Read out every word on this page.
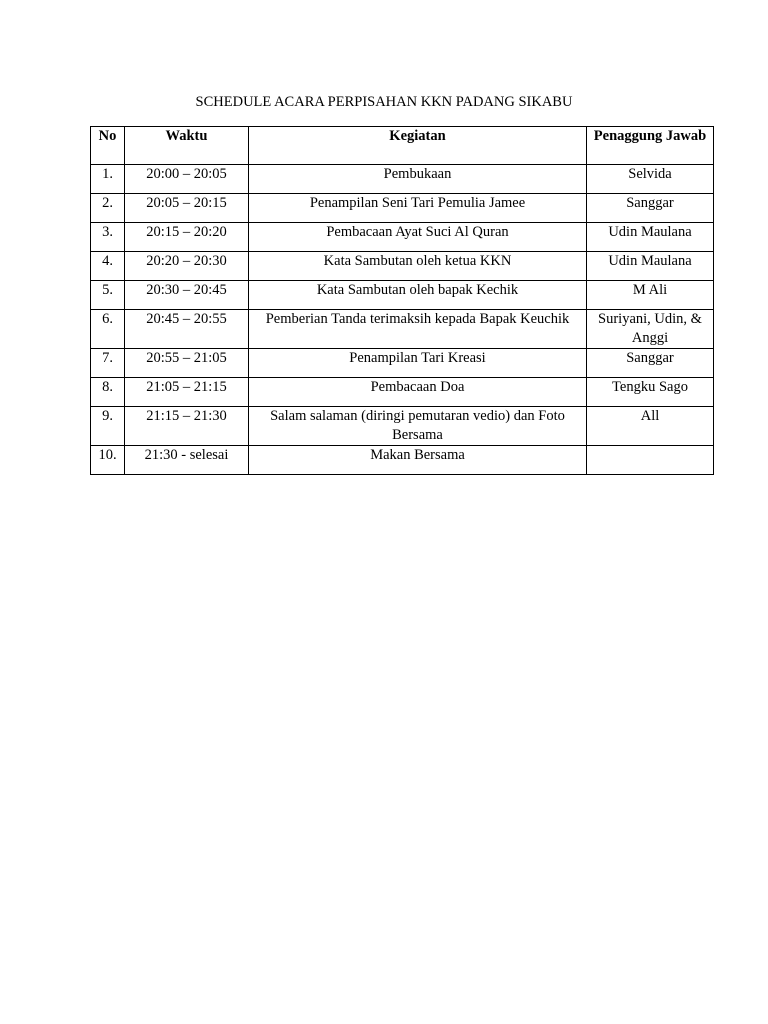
SCHEDULE ACARA PERPISAHAN KKN PADANG SIKABU
No	Waktu	Kegiatan	Penaggung Jawab
1.	20:00 – 20:05	Pembukaan	Selvida
2.	20:05 – 20:15	Penampilan Seni Tari Pemulia Jamee	Sanggar
3.	20:15 – 20:20	Pembacaan Ayat Suci Al Quran	Udin Maulana
4.	20:20 – 20:30	Kata Sambutan oleh ketua KKN	Udin Maulana
5.	20:30 – 20:45	Kata Sambutan oleh bapak Kechik	M Ali
6.	20:45 – 20:55	Pemberian Tanda terimaksih kepada Bapak Keuchik	Suriyani, Udin, & Anggi
7.	20:55 – 21:05	Penampilan Tari Kreasi	Sanggar
8.	21:05 – 21:15	Pembacaan Doa	Tengku Sago
9.	21:15 – 21:30	Salam salaman (diringi pemutaran vedio) dan Foto Bersama	All
10.	21:30 - selesai	Makan Bersama	
